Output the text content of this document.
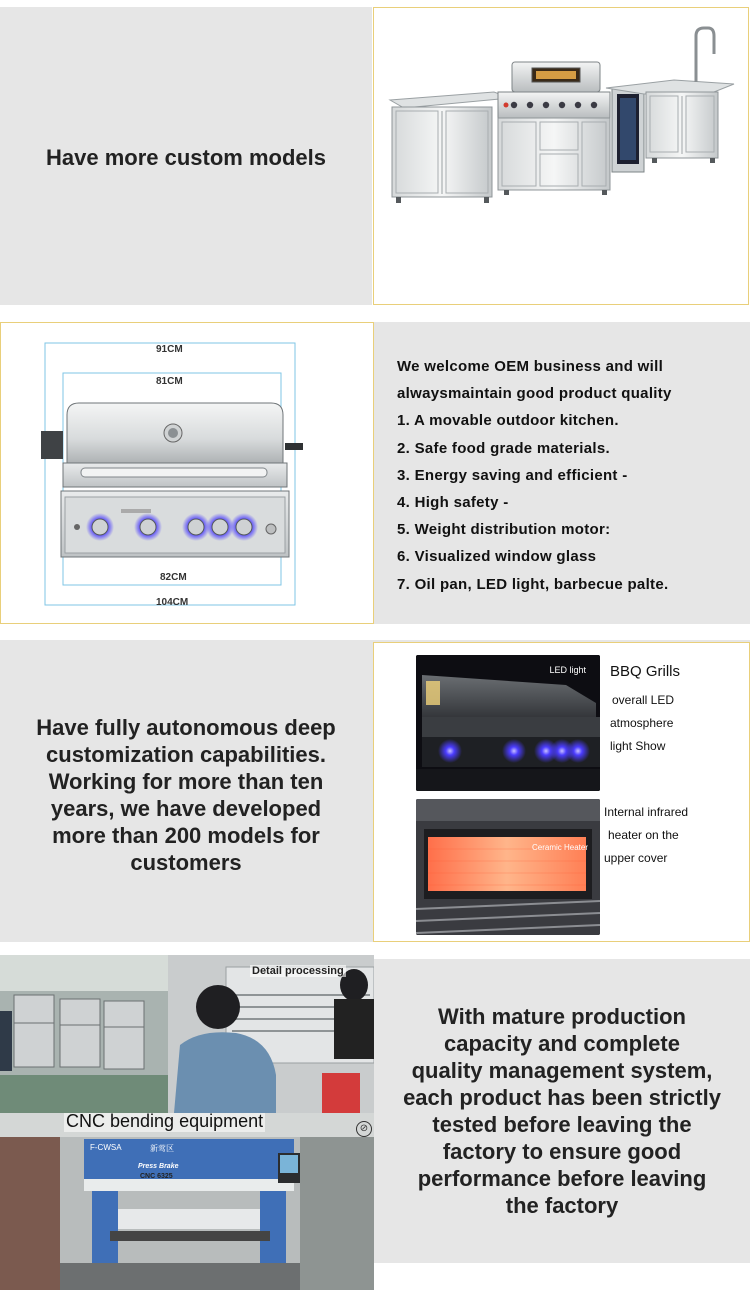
Have more custom models
91CM
81CM
82CM
104CM

We welcome OEM business and will

alwaysmaintain good product quality

1. A movable outdoor kitchen.

2. Safe food grade materials.

3. Energy saving and efficient -

4. High safety -

5. Weight distribution motor:

6. Visualized window glass

7. Oil pan, LED light, barbecue palte.

Have fully autonomous deep
customization capabilities.
Working for more than ten
years, we have developed
more than 200 models for
customers

LED light BBQ Grills
overall LED
atmosphere
light Show
Ceramic Heater
Internal infrared
heater on the
upper cover
Detail processing
CNC bending equipment	⊘
F-CWSA	新莺区
Press Brake
CNC 6325

With mature production
capacity and complete
quality management system,
each product has been strictly
tested before leaving the
factory to ensure good
performance before leaving
the factory
